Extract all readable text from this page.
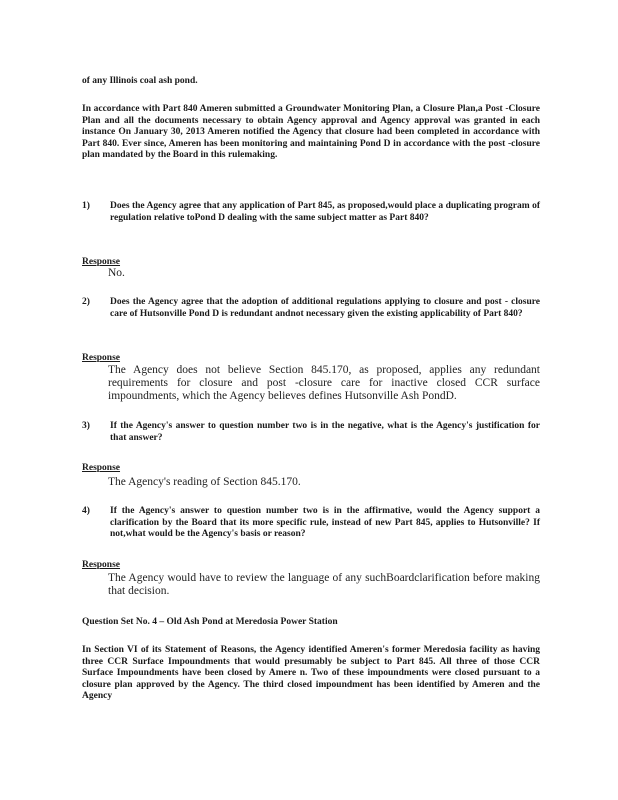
of any Illinois coal ash pond.
In accordance with Part 840 Ameren submitted a Groundwater Monitoring Plan, a Closure Plan,a Post -Closure Plan and all the documents necessary to obtain Agency approval and Agency approval was granted in each instance On January 30, 2013 Ameren notified the Agency that closure had been completed in accordance with Part 840. Ever since, Ameren has been monitoring and maintaining Pond D in accordance with the post -closure plan mandated by the Board in this rulemaking.
1)	Does the Agency agree that any application of Part 845, as proposed,would place a duplicating program of regulation relative toPond D dealing with the same subject matter as Part 840?
Response
No.
2)	Does the Agency agree that the adoption of additional regulations applying to closure and post - closure care of Hutsonville Pond D is redundant andnot necessary given the existing applicability of Part 840?
Response
The Agency does not believe Section 845.170, as proposed, applies any redundant requirements for closure and post -closure care for inactive closed CCR surface impoundments, which the Agency believes defines Hutsonville Ash PondD.
3)	If the Agency's answer to question number two is in the negative, what is the Agency's justification for that answer?
Response
The Agency's reading of Section 845.170.
4)	If the Agency's answer to question number two is in the affirmative, would the Agency support a clarification by the Board that its more specific rule, instead of new Part 845, applies to Hutsonville? If not,what would be the Agency's basis or reason?
Response
The Agency would have to review the language of any suchBoardclarification before making that decision.
Question Set No. 4 – Old Ash Pond at Meredosia Power Station
In Section VI of its Statement of Reasons, the Agency identified Ameren's former Meredosia facility as having three CCR Surface Impoundments that would presumably be subject to Part 845. All three of those CCR Surface Impoundments have been closed by Amere n. Two of these impoundments were closed pursuant to a closure plan approved by the Agency. The third closed impoundment has been identified by Ameren and the Agency
